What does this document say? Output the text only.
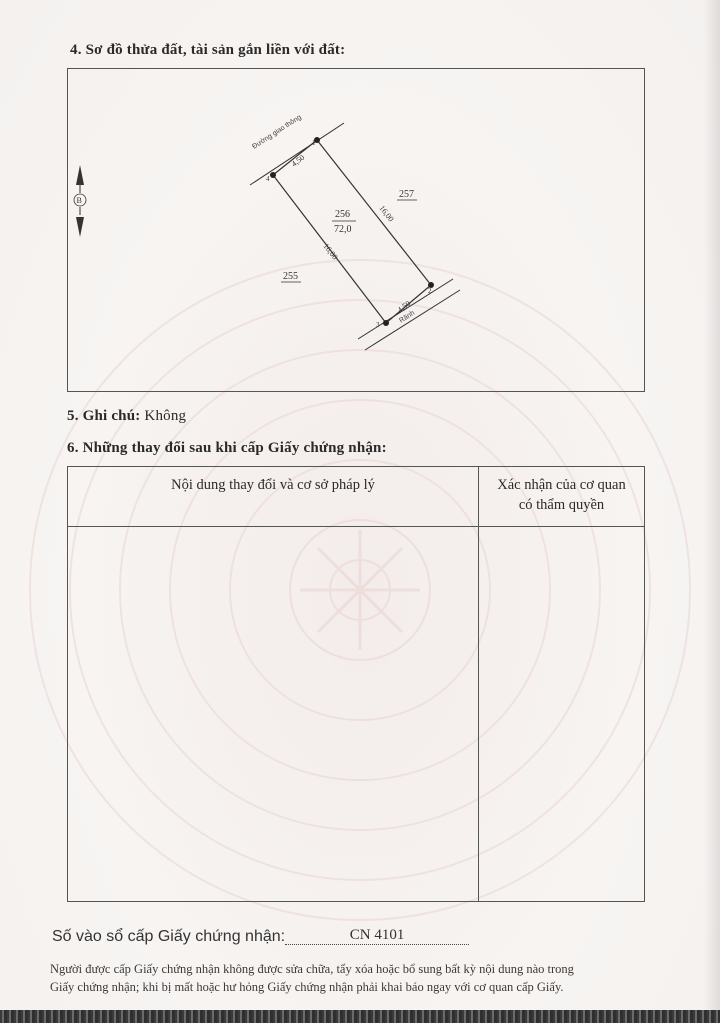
4. Sơ đồ thửa đất, tài sản gắn liền với đất:
Đường giao thông
Rãnh
1
2
3
4
4,50
4,50
16,00
16,00
256
72,0
257
255
B
5. Ghi chú: Không
6. Những thay đổi sau khi cấp Giấy chứng nhận:
Nội dung thay đổi và cơ sở pháp lý	Xác nhận của cơ quan
có thẩm quyền

Số vào sổ cấp Giấy chứng nhận:	CN 4101
Người được cấp Giấy chứng nhận không được sửa chữa, tẩy xóa hoặc bổ sung bất kỳ nội dung nào trong
Giấy chứng nhận; khi bị mất hoặc hư hỏng Giấy chứng nhận phải khai báo ngay với cơ quan cấp Giấy.
